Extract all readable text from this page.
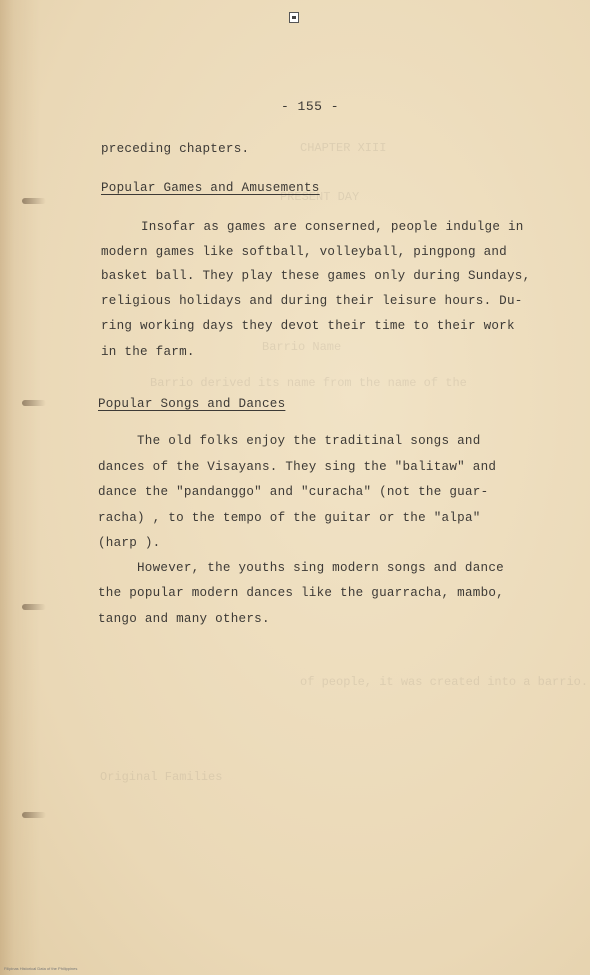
CHAPTER XIII
PRESENT DAY
Barrio Name
Barrio derived its name from the name of the
of people, it was created into a barrio.
Original Families
- 155 -
preceding chapters.
Popular Games and Amusements
Insofar as games are conserned, people indulge in
modern games like softball, volleyball, pingpong and
basket ball. They play these games only during Sundays,
religious holidays and during their leisure hours. Du-
ring working days they devot their time to their work
in the farm.
Popular Songs and Dances
The old folks enjoy the traditinal songs and
dances of the Visayans. They sing the "balitaw" and
dance the "pandanggo" and "curacha" (not the guar-
racha) , to the tempo of the guitar or the "alpa"
(harp ).
However, the youths sing modern songs and dance
the popular modern dances like the guarracha, mambo,
tango and many others.
Filipinas Historical Data of the Philippines
